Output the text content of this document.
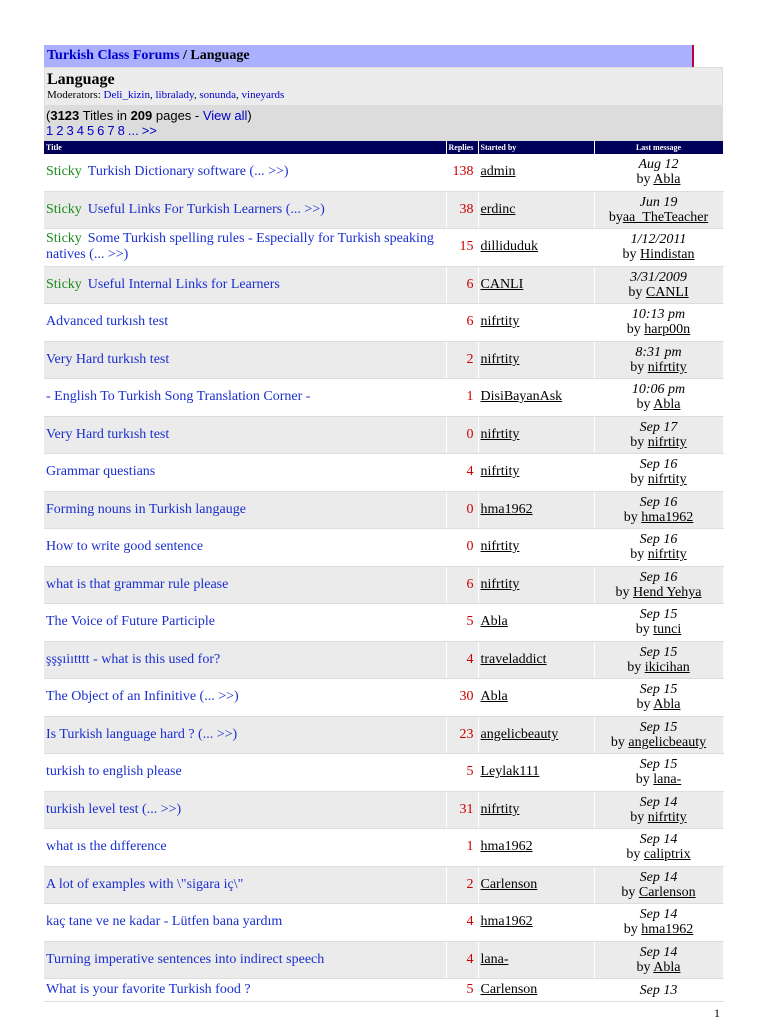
Turkish Class Forums / Language
Language
Moderators: Deli_kizin, libralady, sonunda, vineyards
(3123 Titles in 209 pages - View all)
1 2 3 4 5 6 7 8 ... >>
Title	Replies	Started by	Last message
Sticky Turkish Dictionary software (... >>)	138	admin	Aug 12
by Abla
Sticky Useful Links For Turkish Learners (... >>)	38	erdinc	Jun 19
byaa_TheTeacher
Sticky Some Turkish spelling rules - Especially for Turkish speaking natives (... >>)	15	dilliduduk	1/12/2011
by Hindistan
Sticky Useful Internal Links for Learners	6	CANLI	3/31/2009
by CANLI
Advanced turkısh test	6	nifrtity	10:13 pm
by harp00n
Very Hard turkısh test	2	nifrtity	8:31 pm
by nifrtity
- English To Turkish Song Translation Corner -	1	DisiBayanAsk	10:06 pm
by Abla
Very Hard turkısh test	0	nifrtity	Sep 17
by nifrtity
Grammar questians	4	nifrtity	Sep 16
by nifrtity
Forming nouns in Turkish langauge	0	hma1962	Sep 16
by hma1962
How to write good sentence	0	nifrtity	Sep 16
by nifrtity
what is that grammar rule please	6	nifrtity	Sep 16
by Hend Yehya
The Voice of Future Participle	5	Abla	Sep 15
by tunci
şşşıiıtttt - what is this used for?	4	traveladdict	Sep 15
by ikicihan
The Object of an Infinitive (... >>)	30	Abla	Sep 15
by Abla
Is Turkish language hard ? (... >>)	23	angelicbeauty	Sep 15
by angelicbeauty
turkish to english please	5	Leylak111	Sep 15
by lana-
turkish level test (... >>)	31	nifrtity	Sep 14
by nifrtity
what ıs the dıfference	1	hma1962	Sep 14
by caliptrix
A lot of examples with \"sigara iç\"	2	Carlenson	Sep 14
by Carlenson
kaç tane ve ne kadar - Lütfen bana yardım	4	hma1962	Sep 14
by hma1962
Turning imperative sentences into indirect speech	4	lana-	Sep 14
by Abla
What is your favorite Turkish food ?	5	Carlenson	Sep 13
1
